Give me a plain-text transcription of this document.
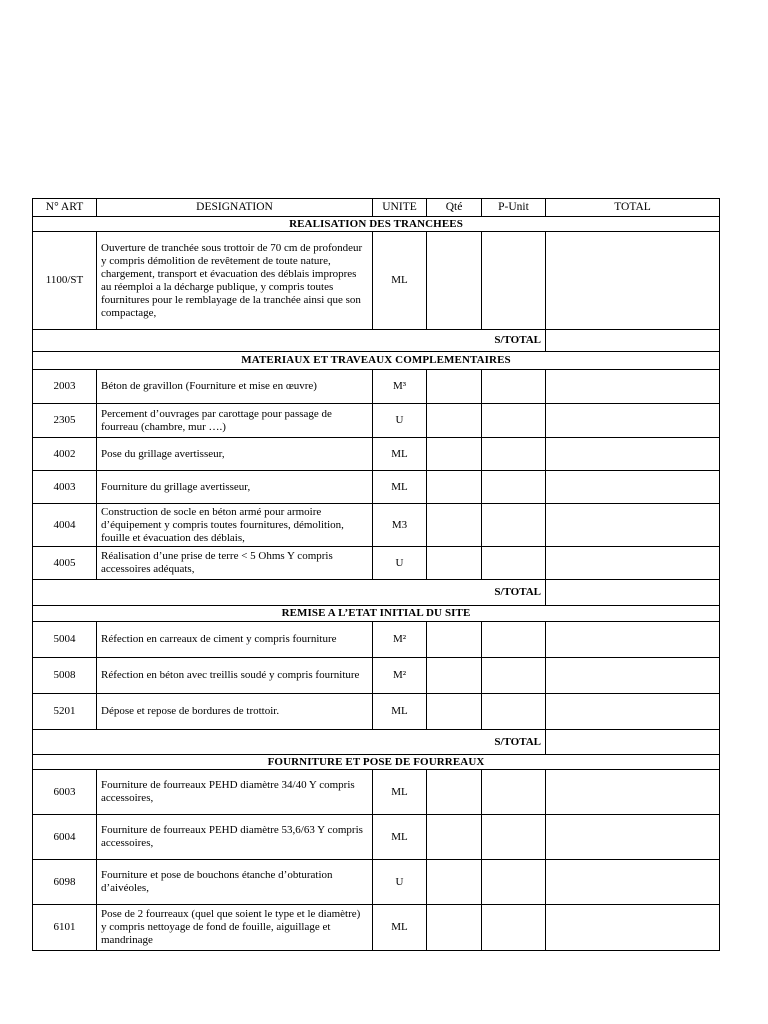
N° ART	DESIGNATION	UNITE	Qté	P-Unit	TOTAL
REALISATION DES TRANCHEES					
1100/ST	Ouverture de tranchée sous trottoir de 70 cm de profondeur y compris démolition de revêtement de toute nature, chargement, transport et évacuation des déblais impropres au réemploi a la décharge publique, y compris toutes fournitures pour le remblayage de la tranchée ainsi que son compactage,	ML			
S/TOTAL					
MATERIAUX ET TRAVEAUX COMPLEMENTAIRES					
2003	Béton de gravillon (Fourniture et mise en œuvre)	M³			
2305	Percement d’ouvrages par carottage pour passage de fourreau (chambre, mur ….)	U			
4002	Pose du grillage avertisseur,	ML			
4003	Fourniture du grillage avertisseur,	ML			
4004	Construction de socle en béton armé pour armoire d’équipement y compris toutes fournitures, démolition, fouille et évacuation des déblais,	M3			
4005	Réalisation d’une prise de terre < 5 Ohms Y compris accessoires adéquats,	U			
S/TOTAL					
REMISE A L’ETAT INITIAL DU SITE					
5004	Réfection en carreaux de ciment y compris fourniture	M²			
5008	Réfection en béton avec treillis soudé y compris fourniture	M²			
5201	Dépose et repose de bordures de trottoir.	ML			
S/TOTAL					
FOURNITURE ET POSE DE FOURREAUX					
6003	Fourniture de fourreaux PEHD diamètre 34/40 Y compris accessoires,	ML			
6004	Fourniture de fourreaux PEHD diamètre 53,6/63 Y compris accessoires,	ML			
6098	Fourniture et pose de bouchons étanche d’obturation d’aivéoles,	U			
6101	Pose de 2 fourreaux (quel que soient le type et le diamètre) y compris nettoyage de fond de fouille, aiguillage et mandrinage	ML			
